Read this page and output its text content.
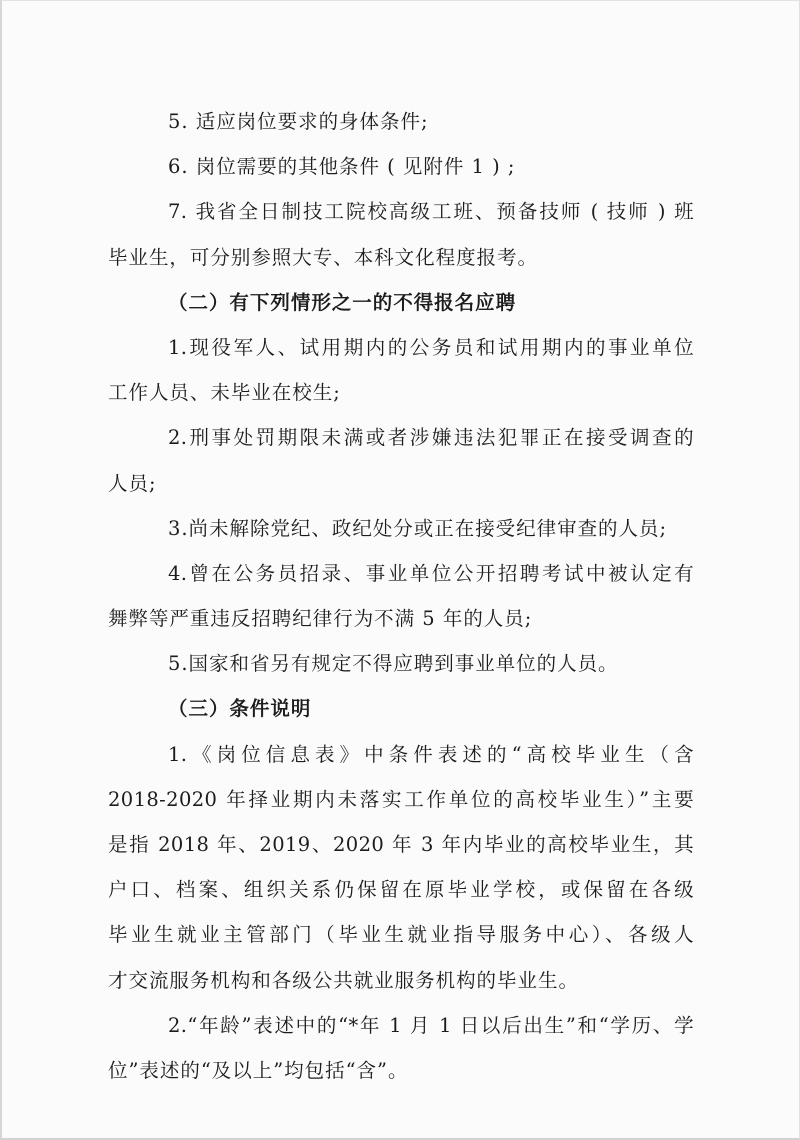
5. 适应岗位要求的身体条件;
6. 岗位需要的其他条件 ( 见附件 1 ) ;
7. 我省全日制技工院校高级工班、预备技师 ( 技师 ) 班
毕业生，可分别参照大专、本科文化程度报考。
（二）有下列情形之一的不得报名应聘
1.现役军人、试用期内的公务员和试用期内的事业单位
工作人员、未毕业在校生;
2.刑事处罚期限未满或者涉嫌违法犯罪正在接受调查的
人员;
3.尚未解除党纪、政纪处分或正在接受纪律审查的人员;
4.曾在公务员招录、事业单位公开招聘考试中被认定有
舞弊等严重违反招聘纪律行为不满 5 年的人员;
5.国家和省另有规定不得应聘到事业单位的人员。
（三）条件说明
1.《岗位信息表》中条件表述的“高校毕业生（含
2018-2020 年择业期内未落实工作单位的高校毕业生）”主要
是指 2018 年、2019、2020 年 3 年内毕业的高校毕业生，其
户口、档案、组织关系仍保留在原毕业学校，或保留在各级
毕业生就业主管部门（毕业生就业指导服务中心）、各级人
才交流服务机构和各级公共就业服务机构的毕业生。
2.“年龄”表述中的“*年 1 月 1 日以后出生”和“学历、学
位”表述的“及以上”均包括“含”。
